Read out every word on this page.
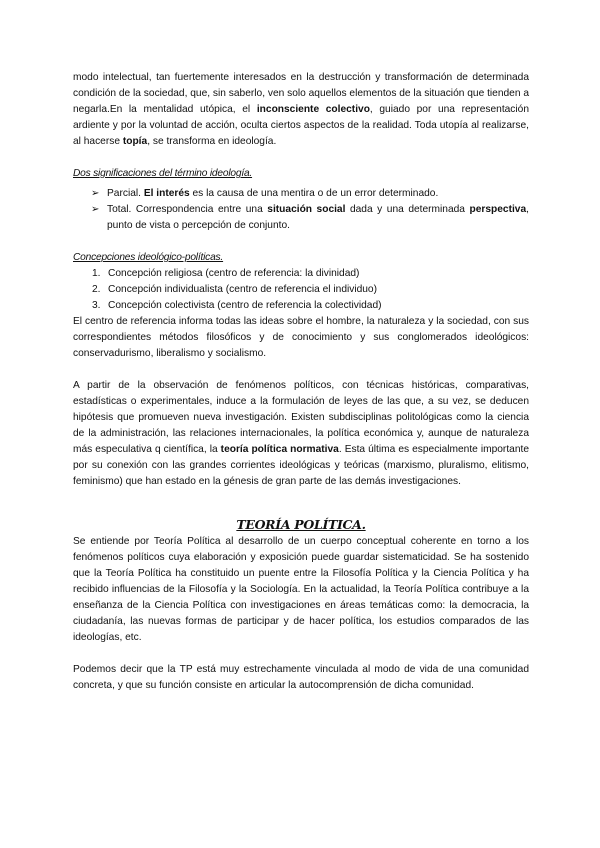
modo intelectual, tan fuertemente interesados en la destrucción y transformación de determinada condición de la sociedad, que, sin saberlo, ven solo aquellos elementos de la situación que tienden a negarla.En la mentalidad utópica, el inconsciente colectivo, guiado por una representación ardiente y por la voluntad de acción, oculta ciertos aspectos de la realidad. Toda utopía al realizarse, al hacerse topía, se transforma en ideología.

Dos significaciones del término ideología.

➢ Parcial. El interés es la causa de una mentira o de un error determinado.
➢ Total. Correspondencia entre una situación social dada y una determinada perspectiva, punto de vista o percepción de conjunto.

Concepciones ideológico-políticas.

1. Concepción religiosa (centro de referencia: la divinidad)
2. Concepción individualista (centro de referencia el individuo)
3. Concepción colectivista (centro de referencia la colectividad)

El centro de referencia informa todas las ideas sobre el hombre, la naturaleza y la sociedad, con sus correspondientes métodos filosóficos y de conocimiento y sus conglomerados ideológicos: conservadurismo, liberalismo y socialismo.

A partir de la observación de fenómenos políticos, con técnicas históricas, comparativas, estadísticas o experimentales, induce a la formulación de leyes de las que, a su vez, se deducen hipótesis que promueven nueva investigación. Existen subdisciplinas politológicas como la ciencia de la administración, las relaciones internacionales, la política económica y, aunque de naturaleza más especulativa q científica, la teoría política normativa. Esta última es especialmente importante por su conexión con las grandes corrientes ideológicas y teóricas (marxismo, pluralismo, elitismo, feminismo) que han estado en la génesis de gran parte de las demás investigaciones.

TEORÍA POLÍTICA.

Se entiende por Teoría Política al desarrollo de un cuerpo conceptual coherente en torno a los fenómenos políticos cuya elaboración y exposición puede guardar sistematicidad. Se ha sostenido que la Teoría Política ha constituido un puente entre la Filosofía Política y la Ciencia Política y ha recibido influencias de la Filosofía y la Sociología. En la actualidad, la Teoría Política contribuye a la enseñanza de la Ciencia Política con investigaciones en áreas temáticas como: la democracia, la ciudadanía, las nuevas formas de participar y de hacer política, los estudios comparados de las ideologías, etc.

Podemos decir que la TP está muy estrechamente vinculada al modo de vida de una comunidad concreta, y que su función consiste en articular la autocomprensión de dicha comunidad.
